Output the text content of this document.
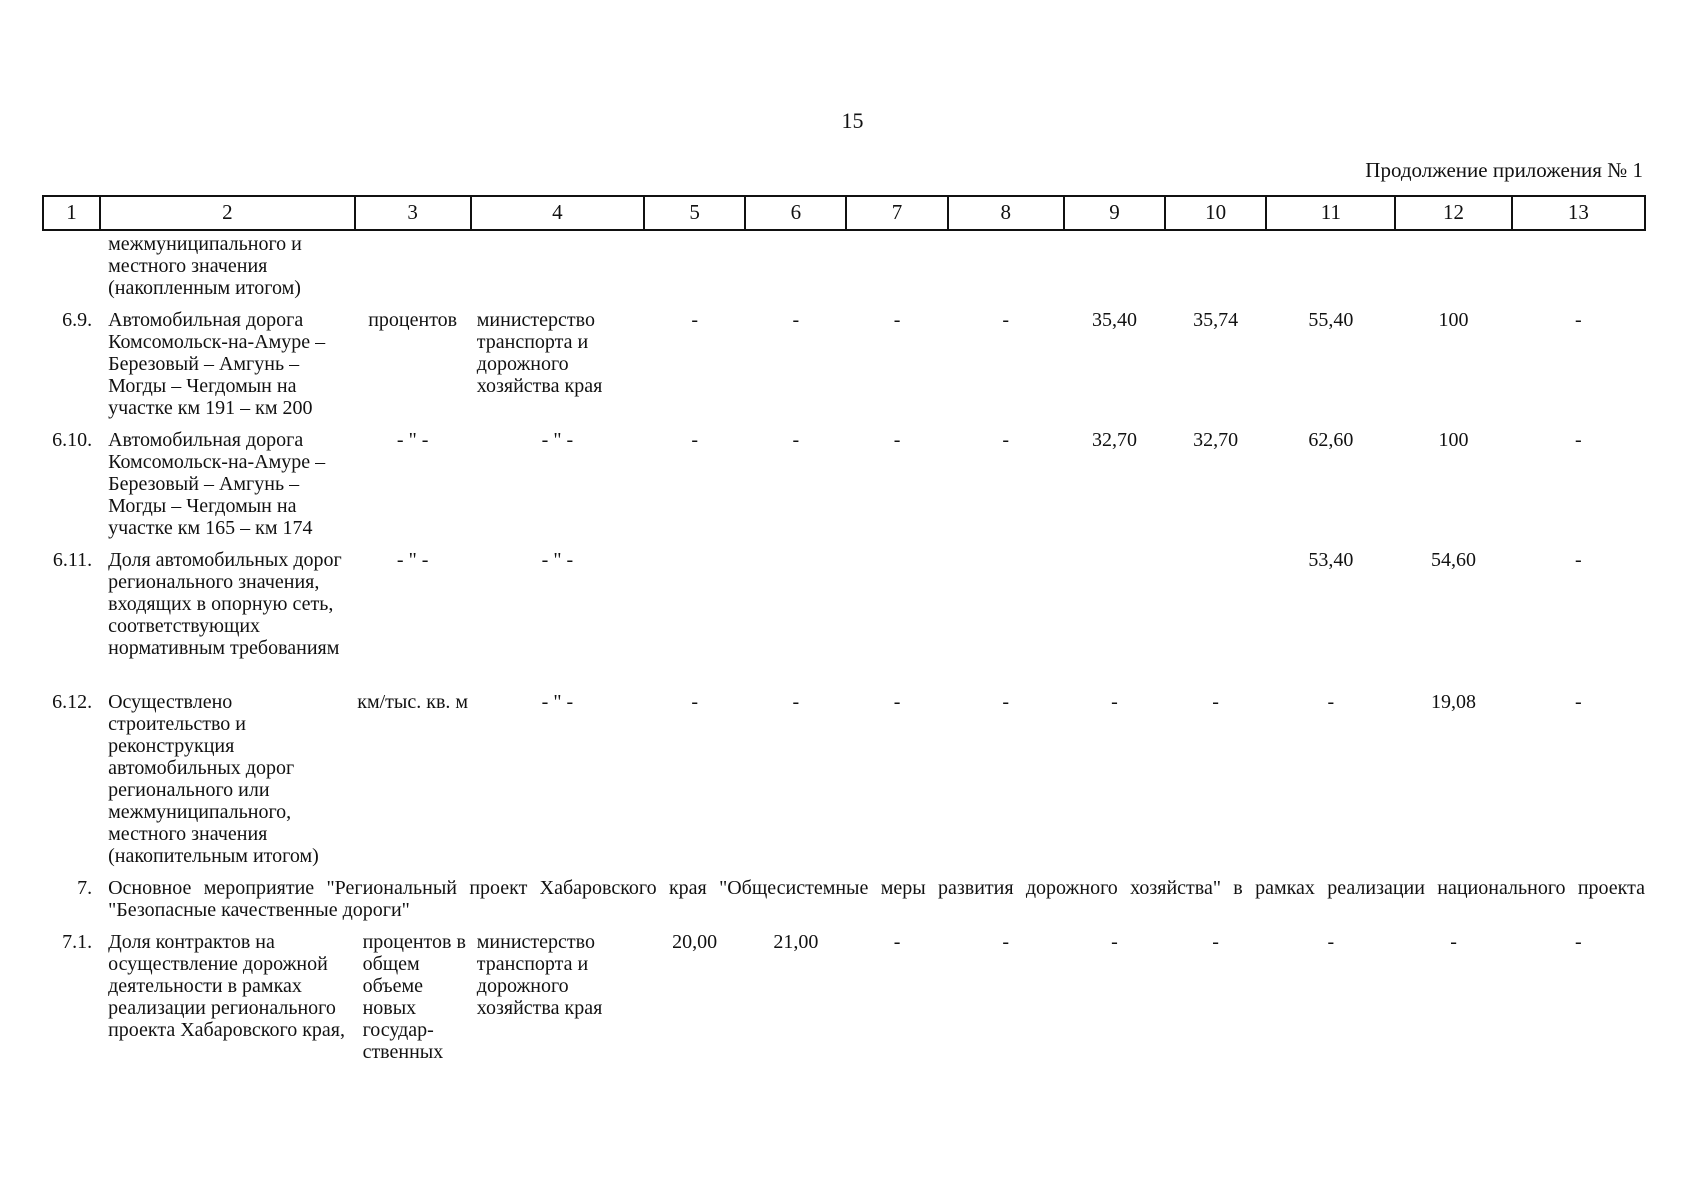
15
Продолжение приложения № 1
1	2	3	4	5	6	7	8	9	10	11	12	13
	межмуниципального и местного значения (накопленным итогом)											
6.9.	Автомобильная дорога Комсомольск-на-Амуре – Березовый – Амгунь – Могды – Чегдомын на участке км 191 – км 200	процентов	министерство транспорта и дорожного хозяйства края	-	-	-	-	35,40	35,74	55,40	100	-
6.10.	Автомобильная дорога Комсомольск-на-Амуре – Березовый – Амгунь – Могды – Чегдомын на участке км 165 – км 174	- " -	- " -	-	-	-	-	32,70	32,70	62,60	100	-
6.11.	Доля автомобильных дорог регионального значения, входящих в опорную сеть, соответствующих нормативным требованиям	- " -	- " -							53,40	54,60	-

6.12.	Осуществлено строительство и реконструкция автомобильных дорог регионального или межмуниципального, местного значения (накопительным итогом)	км/тыс. кв. м	- " -	-	-	-	-	-	-	-	19,08	-
7.	Основное мероприятие "Региональный проект Хабаровского края "Общесистемные меры развития дорожного хозяйства" в рамках реализации национального проекта "Безопасные качественные дороги"											
7.1.	Доля контрактов на осуществление дорожной деятельности в рамках реализации регионального проекта Хабаровского края,	процентов в общем объеме новых государ-ственных	министерство транспорта и дорожного хозяйства края	20,00	21,00	-	-	-	-	-	-	-
